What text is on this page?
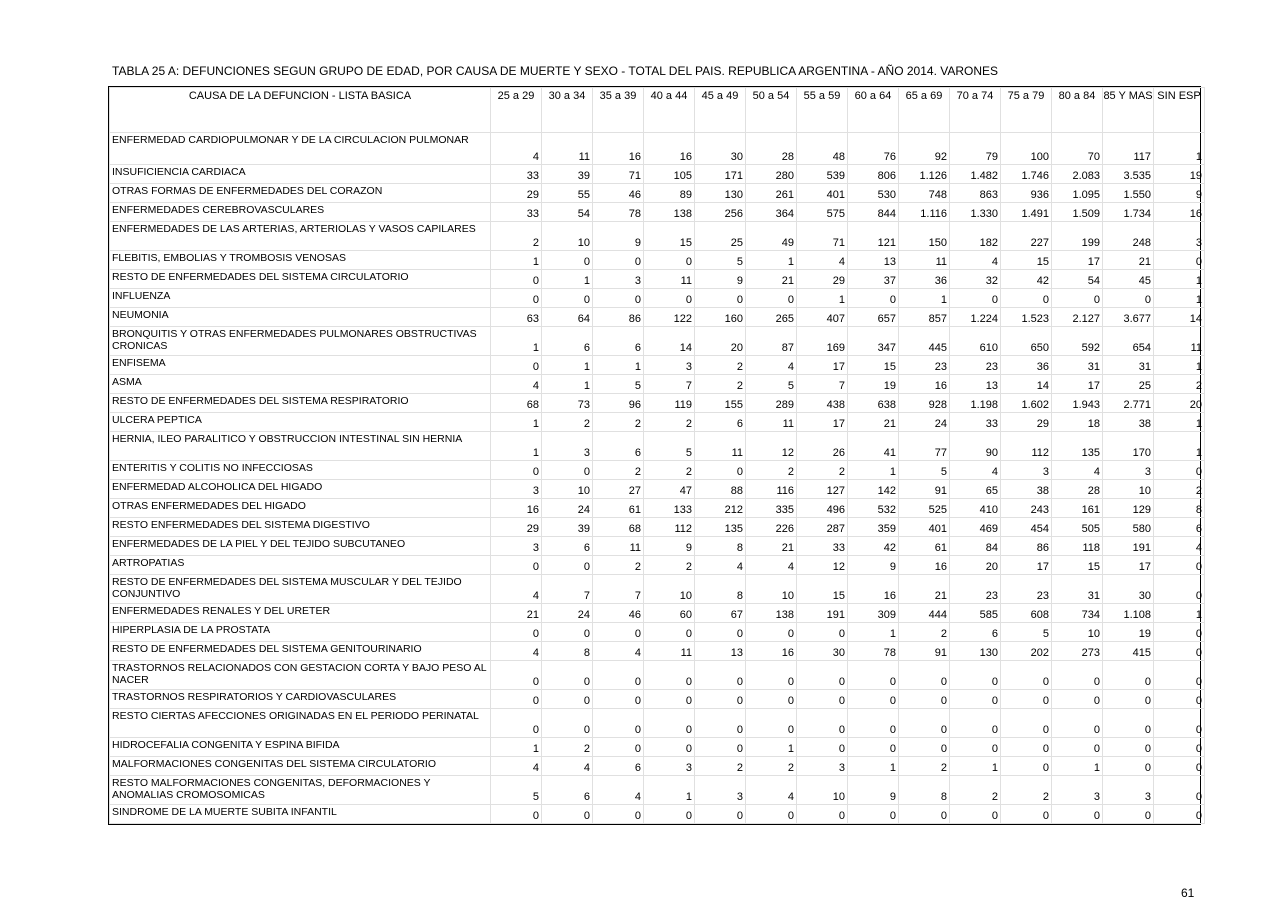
TABLA 25 A: DEFUNCIONES SEGUN GRUPO DE EDAD, POR CAUSA DE MUERTE Y SEXO - TOTAL DEL PAIS. REPUBLICA ARGENTINA - AÑO 2014. VARONES
CAUSA DE LA DEFUNCION - LISTA BASICA	25 a 29	30 a 34	35 a 39	40 a 44	45 a 49	50 a 54	55 a 59	60 a 64	65 a 69	70 a 74	75 a 79	80 a 84	85 Y MAS	SIN ESP
ENFERMEDAD CARDIOPULMONAR Y DE LA CIRCULACION PULMONAR	4	11	16	16	30	28	48	76	92	79	100	70	117	1
INSUFICIENCIA CARDIACA	33	39	71	105	171	280	539	806	1.126	1.482	1.746	2.083	3.535	19
OTRAS FORMAS DE ENFERMEDADES DEL CORAZON	29	55	46	89	130	261	401	530	748	863	936	1.095	1.550	9
ENFERMEDADES CEREBROVASCULARES	33	54	78	138	256	364	575	844	1.116	1.330	1.491	1.509	1.734	16
ENFERMEDADES DE LAS ARTERIAS, ARTERIOLAS Y VASOS CAPILARES	2	10	9	15	25	49	71	121	150	182	227	199	248	3
FLEBITIS, EMBOLIAS Y TROMBOSIS VENOSAS	1	0	0	0	5	1	4	13	11	4	15	17	21	0
RESTO DE ENFERMEDADES DEL SISTEMA CIRCULATORIO	0	1	3	11	9	21	29	37	36	32	42	54	45	1
INFLUENZA	0	0	0	0	0	0	1	0	1	0	0	0	0	1
NEUMONIA	63	64	86	122	160	265	407	657	857	1.224	1.523	2.127	3.677	14
BRONQUITIS Y OTRAS ENFERMEDADES PULMONARES OBSTRUCTIVAS CRONICAS	1	6	6	14	20	87	169	347	445	610	650	592	654	11
ENFISEMA	0	1	1	3	2	4	17	15	23	23	36	31	31	1
ASMA	4	1	5	7	2	5	7	19	16	13	14	17	25	2
RESTO DE ENFERMEDADES DEL SISTEMA RESPIRATORIO	68	73	96	119	155	289	438	638	928	1.198	1.602	1.943	2.771	20
ULCERA PEPTICA	1	2	2	2	6	11	17	21	24	33	29	18	38	1
HERNIA, ILEO PARALITICO Y OBSTRUCCION INTESTINAL SIN HERNIA	1	3	6	5	11	12	26	41	77	90	112	135	170	1
ENTERITIS Y COLITIS NO INFECCIOSAS	0	0	2	2	0	2	2	1	5	4	3	4	3	0
ENFERMEDAD ALCOHOLICA DEL HIGADO	3	10	27	47	88	116	127	142	91	65	38	28	10	2
OTRAS ENFERMEDADES DEL HIGADO	16	24	61	133	212	335	496	532	525	410	243	161	129	8
RESTO ENFERMEDADES DEL SISTEMA DIGESTIVO	29	39	68	112	135	226	287	359	401	469	454	505	580	6
ENFERMEDADES DE LA PIEL Y DEL TEJIDO SUBCUTANEO	3	6	11	9	8	21	33	42	61	84	86	118	191	4
ARTROPATIAS	0	0	2	2	4	4	12	9	16	20	17	15	17	0
RESTO DE ENFERMEDADES DEL SISTEMA MUSCULAR Y DEL TEJIDO CONJUNTIVO	4	7	7	10	8	10	15	16	21	23	23	31	30	0
ENFERMEDADES RENALES Y DEL URETER	21	24	46	60	67	138	191	309	444	585	608	734	1.108	1
HIPERPLASIA DE LA PROSTATA	0	0	0	0	0	0	0	1	2	6	5	10	19	0
RESTO DE ENFERMEDADES DEL SISTEMA GENITOURINARIO	4	8	4	11	13	16	30	78	91	130	202	273	415	0
TRASTORNOS RELACIONADOS CON GESTACION CORTA Y BAJO PESO AL NACER	0	0	0	0	0	0	0	0	0	0	0	0	0	0
TRASTORNOS RESPIRATORIOS Y CARDIOVASCULARES	0	0	0	0	0	0	0	0	0	0	0	0	0	0
RESTO CIERTAS AFECCIONES ORIGINADAS EN EL PERIODO PERINATAL	0	0	0	0	0	0	0	0	0	0	0	0	0	0
HIDROCEFALIA CONGENITA Y ESPINA BIFIDA	1	2	0	0	0	1	0	0	0	0	0	0	0	0
MALFORMACIONES CONGENITAS DEL SISTEMA CIRCULATORIO	4	4	6	3	2	2	3	1	2	1	0	1	0	0
RESTO MALFORMACIONES CONGENITAS, DEFORMACIONES Y ANOMALIAS CROMOSOMICAS	5	6	4	1	3	4	10	9	8	2	2	3	3	0
SINDROME DE LA MUERTE SUBITA INFANTIL	0	0	0	0	0	0	0	0	0	0	0	0	0	0
61
